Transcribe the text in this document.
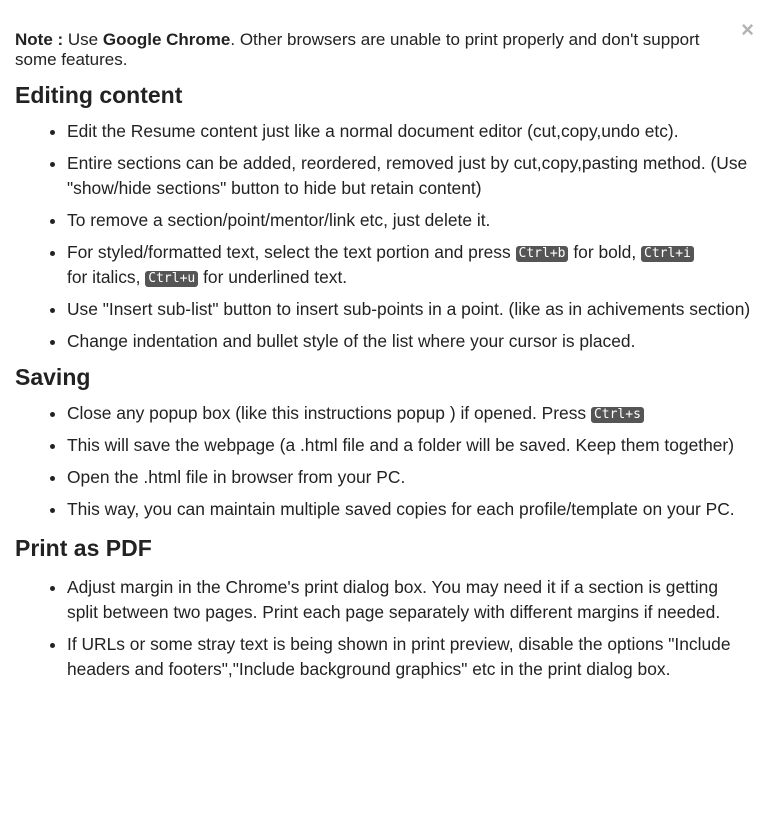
×

Note : Use Google Chrome. Other browsers are unable to print properly and don't support some features.

Editing content
• Edit the Resume content just like a normal document editor (cut,copy,undo etc).
• Entire sections can be added, reordered, removed just by cut,copy,pasting method. (Use "show/hide sections" button to hide but retain content)
• To remove a section/point/mentor/link etc, just delete it.
• For styled/formatted text, select the text portion and press Ctrl+b for bold, Ctrl+i
for italics, Ctrl+u for underlined text.
• Use "Insert sub-list" button to insert sub-points in a point. (like as in achivements section)
• Change indentation and bullet style of the list where your cursor is placed.
Saving
• Close any popup box (like this instructions popup ) if opened. Press Ctrl+s
• This will save the webpage (a .html file and a folder will be saved. Keep them together)
• Open the .html file in browser from your PC.
• This way, you can maintain multiple saved copies for each profile/template on your PC.
Print as PDF
• Adjust margin in the Chrome's print dialog box. You may need it if a section is getting split between two pages. Print each page separately with different margins if needed.
• If URLs or some stray text is being shown in print preview, disable the options "Include headers and footers","Include background graphics" etc in the print dialog box.
